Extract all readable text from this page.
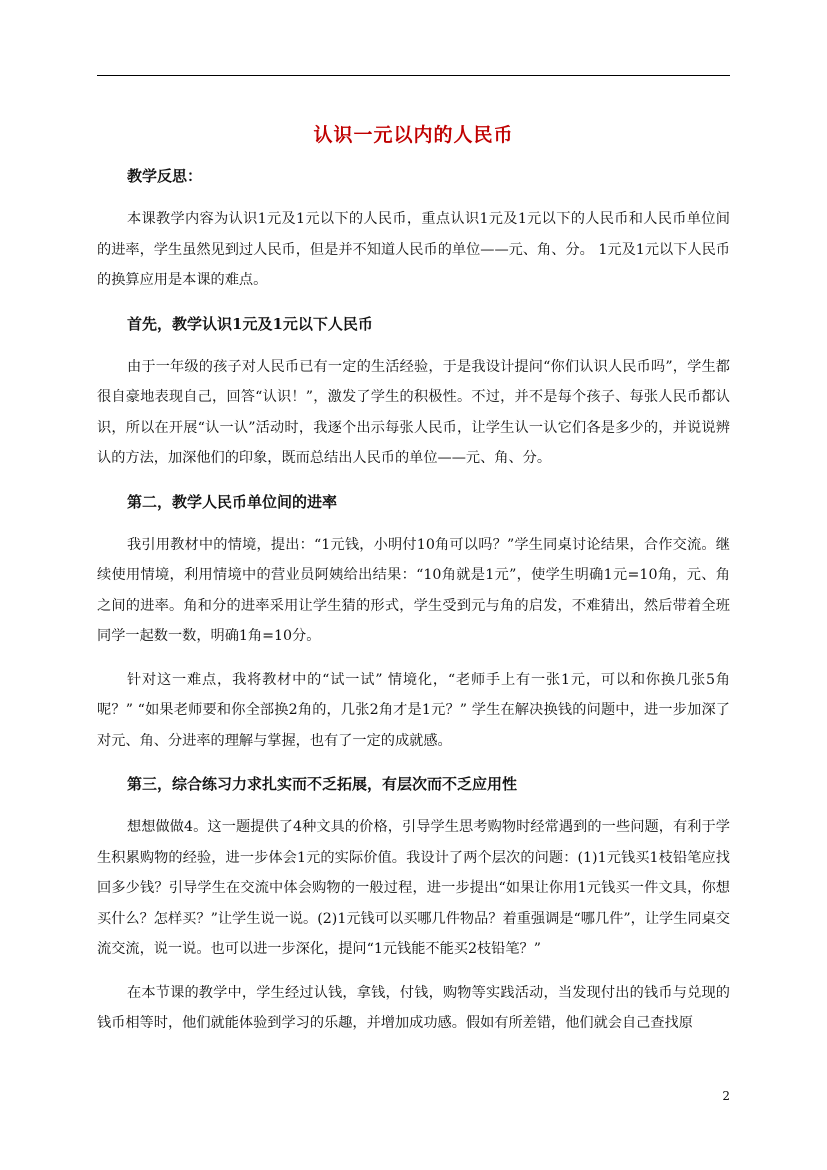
认识一元以内的人民币

教学反思：

本课教学内容为认识1元及1元以下的人民币，重点认识1元及1元以下的人民币和人民币单位间的进率，学生虽然见到过人民币，但是并不知道人民币的单位——元、角、分。 1元及1元以下人民币的换算应用是本课的难点。

首先，教学认识1元及1元以下人民币

由于一年级的孩子对人民币已有一定的生活经验，于是我设计提问“你们认识人民币吗”，学生都很自豪地表现自己，回答“认识！”，激发了学生的积极性。不过，并不是每个孩子、每张人民币都认识，所以在开展“认一认”活动时，我逐个出示每张人民币，让学生认一认它们各是多少的，并说说辨认的方法，加深他们的印象，既而总结出人民币的单位——元、角、分。

第二，教学人民币单位间的进率

我引用教材中的情境，提出：“1元钱，小明付10角可以吗？”学生同桌讨论结果，合作交流。继续使用情境，利用情境中的营业员阿姨给出结果：“10角就是1元”，使学生明确1元=10角，元、角之间的进率。角和分的进率采用让学生猜的形式，学生受到元与角的启发，不难猜出，然后带着全班同学一起数一数，明确1角=10分。

针对这一难点，我将教材中的“试一试” 情境化，“老师手上有一张1元，可以和你换几张5角呢？” “如果老师要和你全部换2角的，几张2角才是1元？” 学生在解决换钱的问题中，进一步加深了对元、角、分进率的理解与掌握，也有了一定的成就感。

第三，综合练习力求扎实而不乏拓展，有层次而不乏应用性

想想做做4。这一题提供了4种文具的价格，引导学生思考购物时经常遇到的一些问题，有利于学生积累购物的经验，进一步体会1元的实际价值。我设计了两个层次的问题：(1)1元钱买1枝铅笔应找回多少钱？引导学生在交流中体会购物的一般过程，进一步提出“如果让你用1元钱买一件文具，你想买什么？怎样买？”让学生说一说。(2)1元钱可以买哪几件物品？着重强调是“哪几件”，让学生同桌交流交流，说一说。也可以进一步深化，提问“1元钱能不能买2枝铅笔？”

在本节课的教学中，学生经过认钱，拿钱，付钱，购物等实践活动，当发现付出的钱币与兑现的钱币相等时，他们就能体验到学习的乐趣，并增加成功感。假如有所差错，他们就会自己查找原

2
